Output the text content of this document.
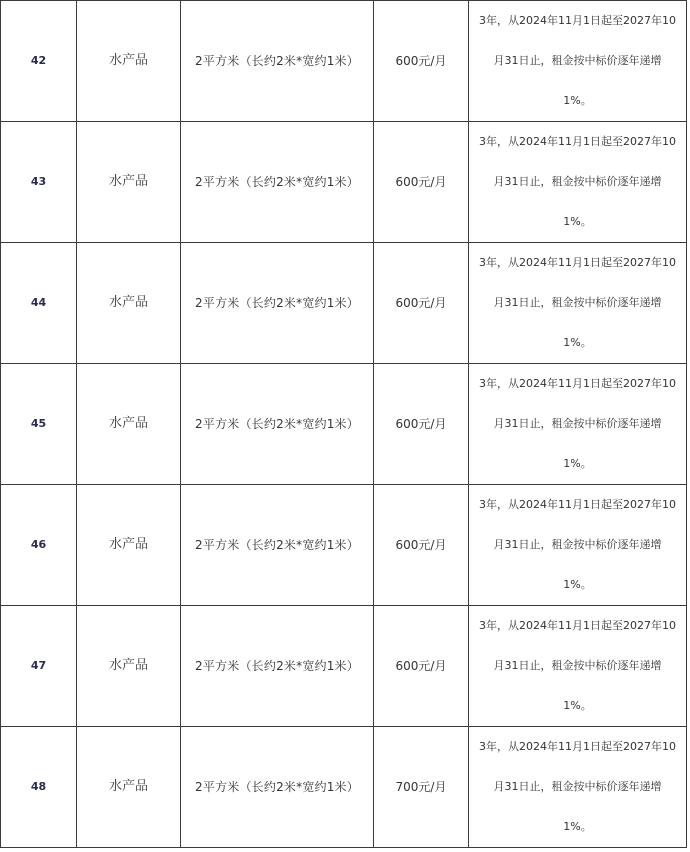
42	水产品	2平方米（长约2米*宽约1米）	600元/月	3年，从2024年11月1日起至2027年10
月31日止，租金按中标价逐年递增
1%。

43	水产品	2平方米（长约2米*宽约1米）	600元/月	3年，从2024年11月1日起至2027年10
月31日止，租金按中标价逐年递增
1%。

44	水产品	2平方米（长约2米*宽约1米）	600元/月	3年，从2024年11月1日起至2027年10
月31日止，租金按中标价逐年递增
1%。

45	水产品	2平方米（长约2米*宽约1米）	600元/月	3年，从2024年11月1日起至2027年10
月31日止，租金按中标价逐年递增
1%。

46	水产品	2平方米（长约2米*宽约1米）	600元/月	3年，从2024年11月1日起至2027年10
月31日止，租金按中标价逐年递增
1%。

47	水产品	2平方米（长约2米*宽约1米）	600元/月	3年，从2024年11月1日起至2027年10
月31日止，租金按中标价逐年递增
1%。

48	水产品	2平方米（长约2米*宽约1米）	700元/月	3年，从2024年11月1日起至2027年10
月31日止，租金按中标价逐年递增
1%。
